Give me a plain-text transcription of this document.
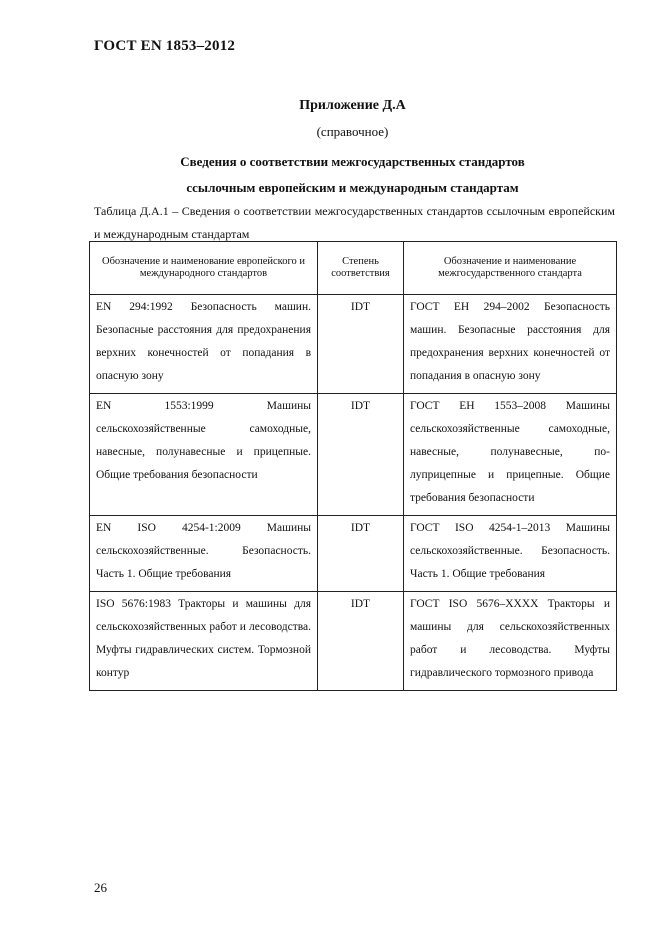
ГОСТ EN 1853–2012
Приложение Д.А
(справочное)
Сведения о соответствии межгосударственных стандартов
ссылочным европейским и международным стандартам
Таблица Д.А.1 – Сведения о соответствии межгосударственных стандартов ссылочным европейским и международным стандартам
Обозначение и наименование европейского и международного стандартов	Степень соответствия	Обозначение и наименование межгосударственного стандарта
EN 294:1992 Безопасность машин. Безопасные расстояния для предохранения верхних конечностей от попадания в опасную зону	IDT	ГОСТ ЕН 294–2002 Безопасность машин. Безопасные расстояния для предохранения верхних конечностей от попадания в опасную зону
EN 1553:1999 Машины сельскохозяйственные самоходные, навесные, полунавесные и прицепные. Общие требования безопасности	IDT	ГОСТ ЕН 1553–2008 Машины сельскохозяйственные самоходные, навесные, полунавесные, полуприцепные и прицепные. Общие требования безопасности
EN ISO 4254-1:2009 Машины сельскохозяйственные. Безопасность. Часть 1. Общие требования	IDT	ГОСТ ISO 4254-1–2013 Машины сельскохозяйственные. Безопасность. Часть 1. Общие требования
ISO 5676:1983 Тракторы и машины для сельскохозяйственных работ и лесоводства. Муфты гидравлических систем. Тормозной контур	IDT	ГОСТ ISO 5676–XXXX Тракторы и машины для сельскохозяйственных работ и лесоводства. Муфты гидравлического тормозного привода
26
